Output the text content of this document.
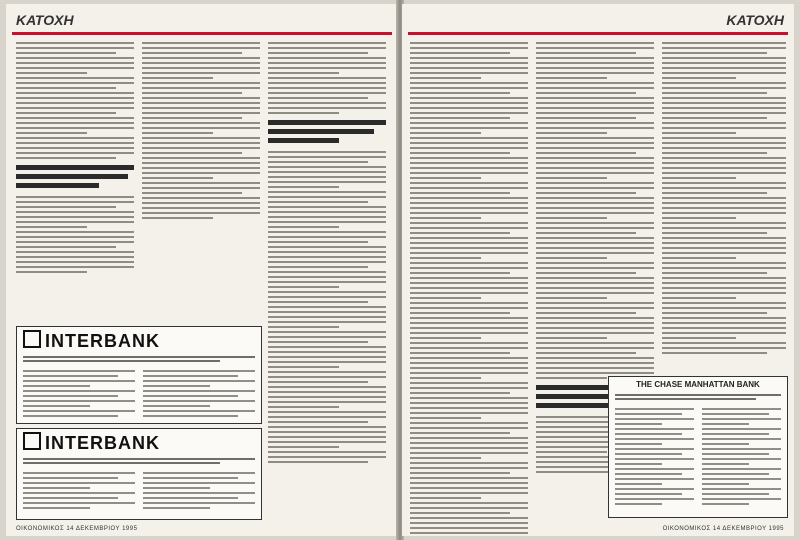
ΚΑΤΟΧΗ
INTERBANK
INTERBANK
ΟΙΚΟΝΟΜΙΚΟΣ 14 ΔΕΚΕΜΒΡΙΟΥ 1995
ΚΑΤΟΧΗ
THE CHASE MANHATTAN BANK
ΟΙΚΟΝΟΜΙΚΟΣ 14 ΔΕΚΕΜΒΡΙΟΥ 1995
